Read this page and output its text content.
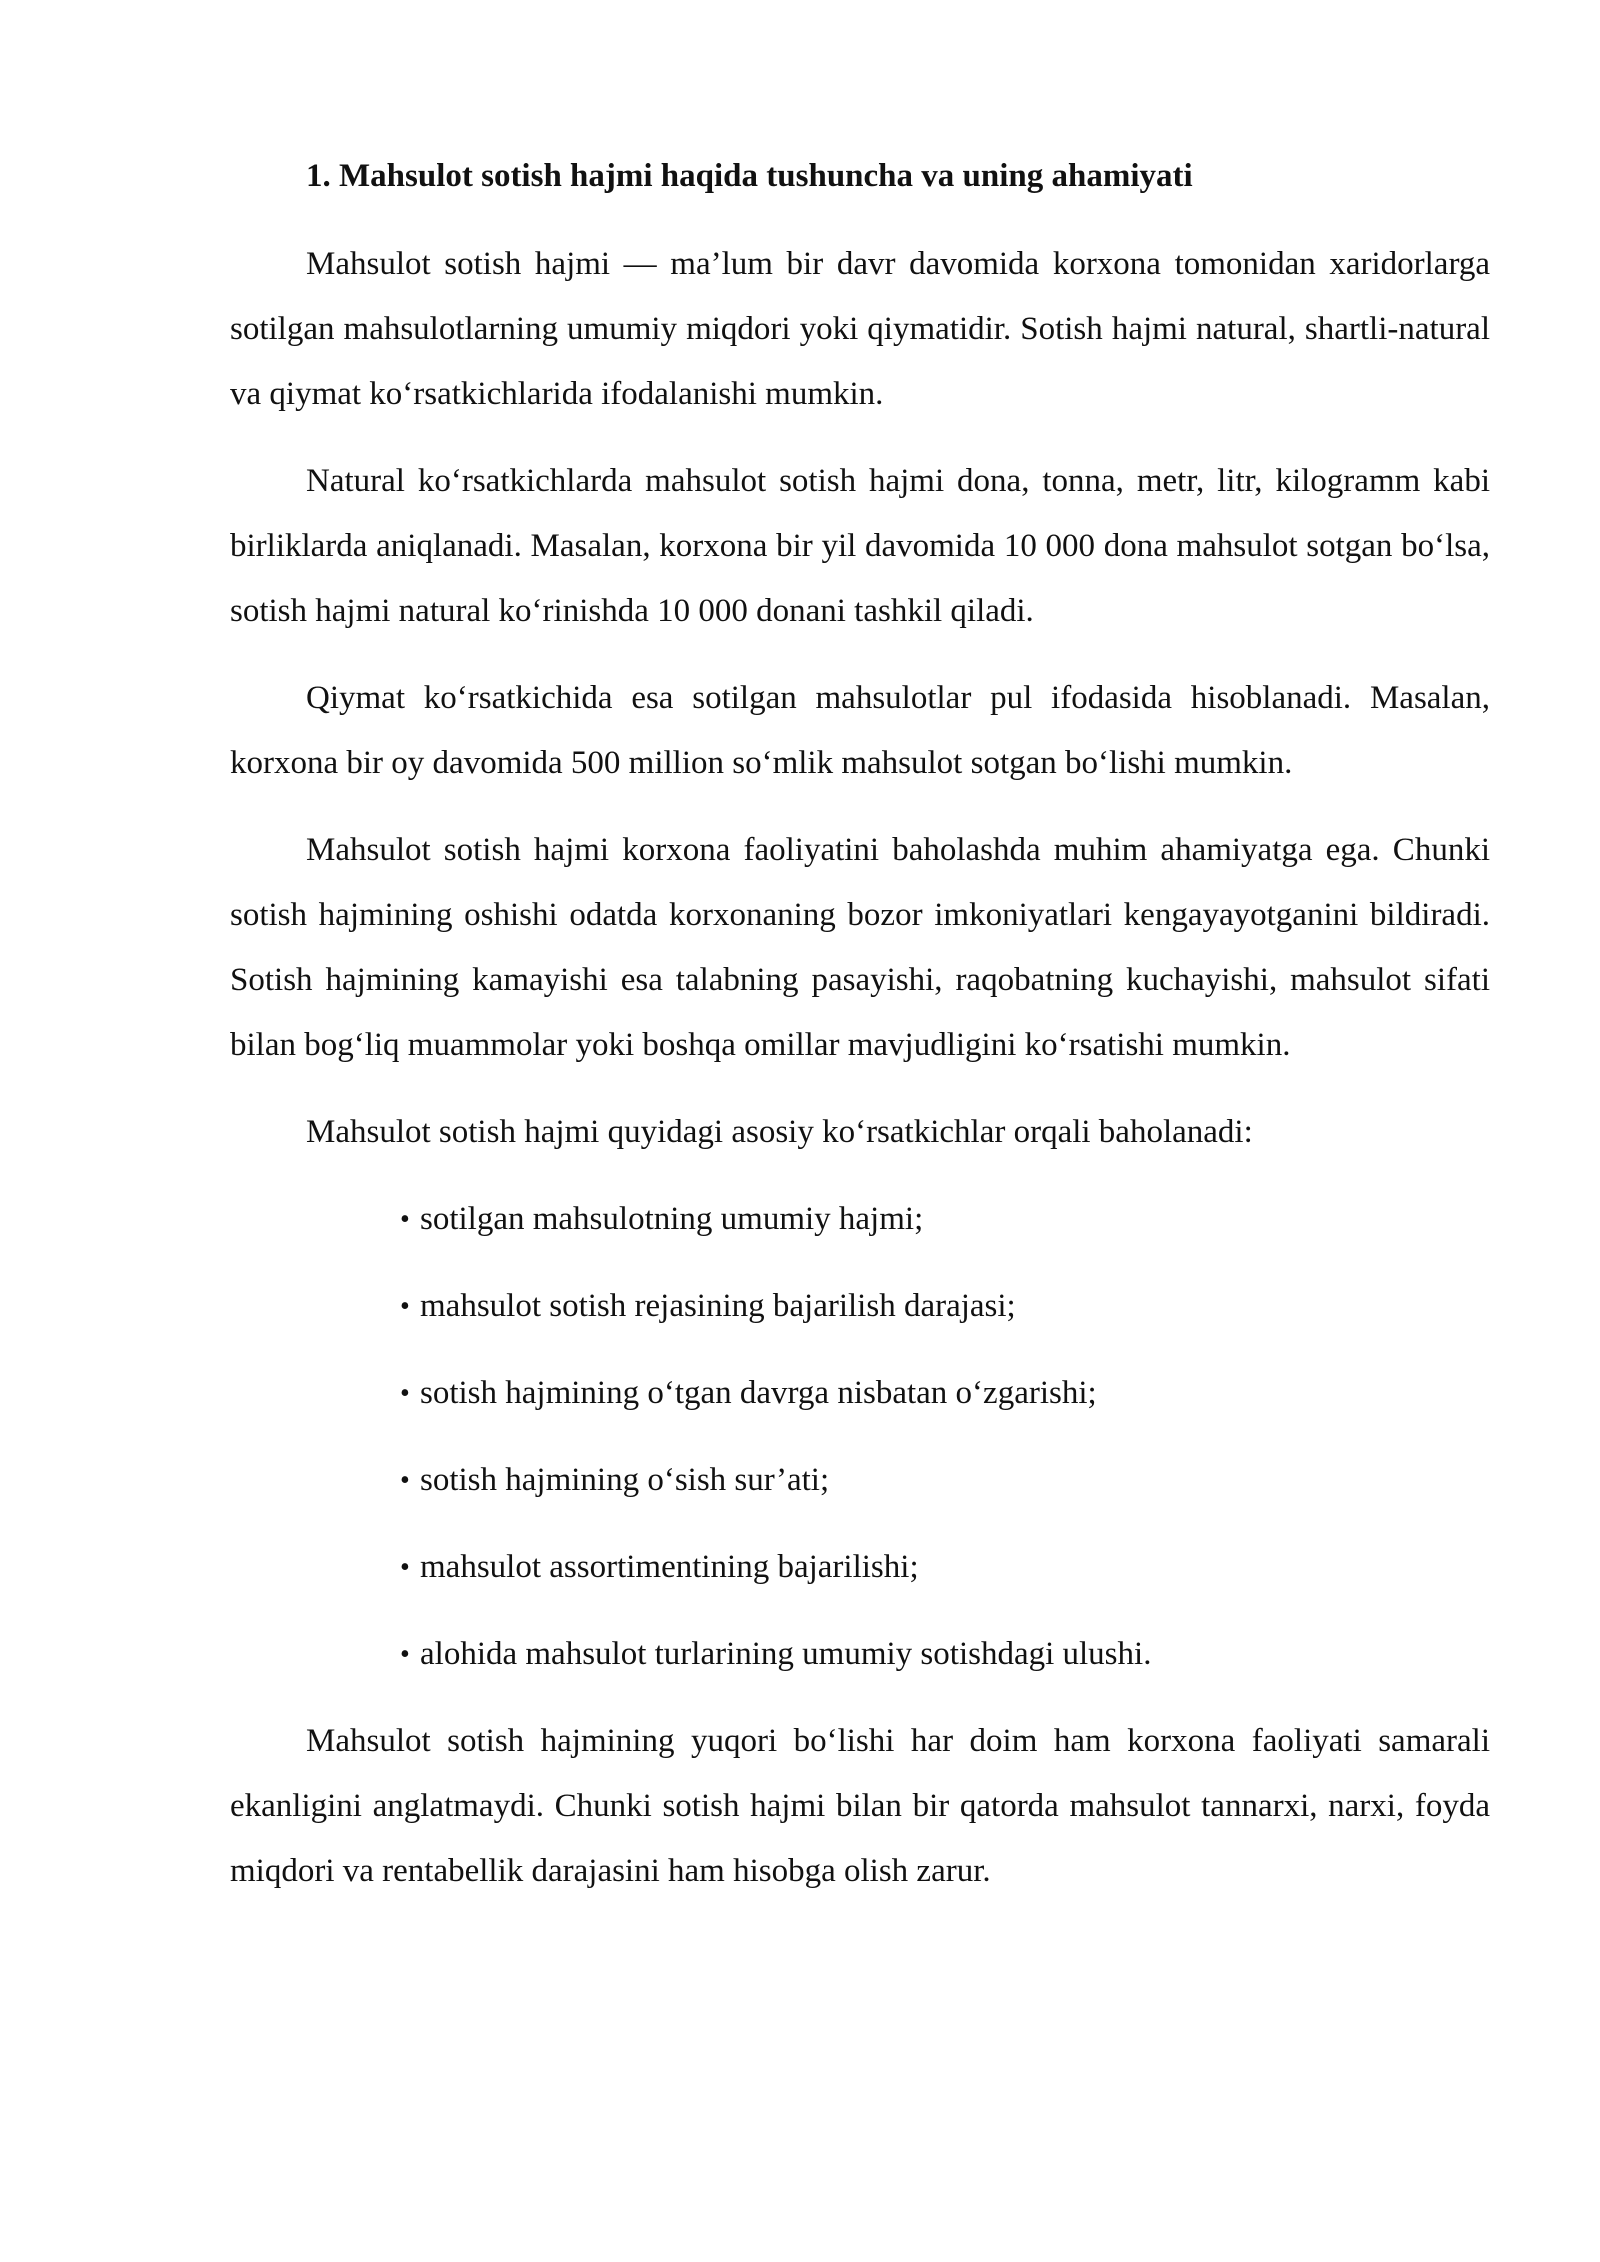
1. Mahsulot sotish hajmi haqida tushuncha va uning ahamiyati

Mahsulot sotish hajmi — ma’lum bir davr davomida korxona tomonidan xaridorlarga sotilgan mahsulotlarning umumiy miqdori yoki qiymatidir. Sotish hajmi natural, shartli-natural va qiymat ko‘rsatkichlarida ifodalanishi mumkin.

Natural ko‘rsatkichlarda mahsulot sotish hajmi dona, tonna, metr, litr, kilogramm kabi birliklarda aniqlanadi. Masalan, korxona bir yil davomida 10 000 dona mahsulot sotgan bo‘lsa, sotish hajmi natural ko‘rinishda 10 000 donani tashkil qiladi.

Qiymat ko‘rsatkichida esa sotilgan mahsulotlar pul ifodasida hisoblanadi. Masalan, korxona bir oy davomida 500 million so‘mlik mahsulot sotgan bo‘lishi mumkin.

Mahsulot sotish hajmi korxona faoliyatini baholashda muhim ahamiyatga ega. Chunki sotish hajmining oshishi odatda korxonaning bozor imkoniyatlari kengayayotganini bildiradi. Sotish hajmining kamayishi esa talabning pasayishi, raqobatning kuchayishi, mahsulot sifati bilan bog‘liq muammolar yoki boshqa omillar mavjudligini ko‘rsatishi mumkin.

Mahsulot sotish hajmi quyidagi asosiy ko‘rsatkichlar orqali baholanadi:

• sotilgan mahsulotning umumiy hajmi;
• mahsulot sotish rejasining bajarilish darajasi;
• sotish hajmining o‘tgan davrga nisbatan o‘zgarishi;
• sotish hajmining o‘sish sur’ati;
• mahsulot assortimentining bajarilishi;
• alohida mahsulot turlarining umumiy sotishdagi ulushi.

Mahsulot sotish hajmining yuqori bo‘lishi har doim ham korxona faoliyati samarali ekanligini anglatmaydi. Chunki sotish hajmi bilan bir qatorda mahsulot tannarxi, narxi, foyda miqdori va rentabellik darajasini ham hisobga olish zarur.
